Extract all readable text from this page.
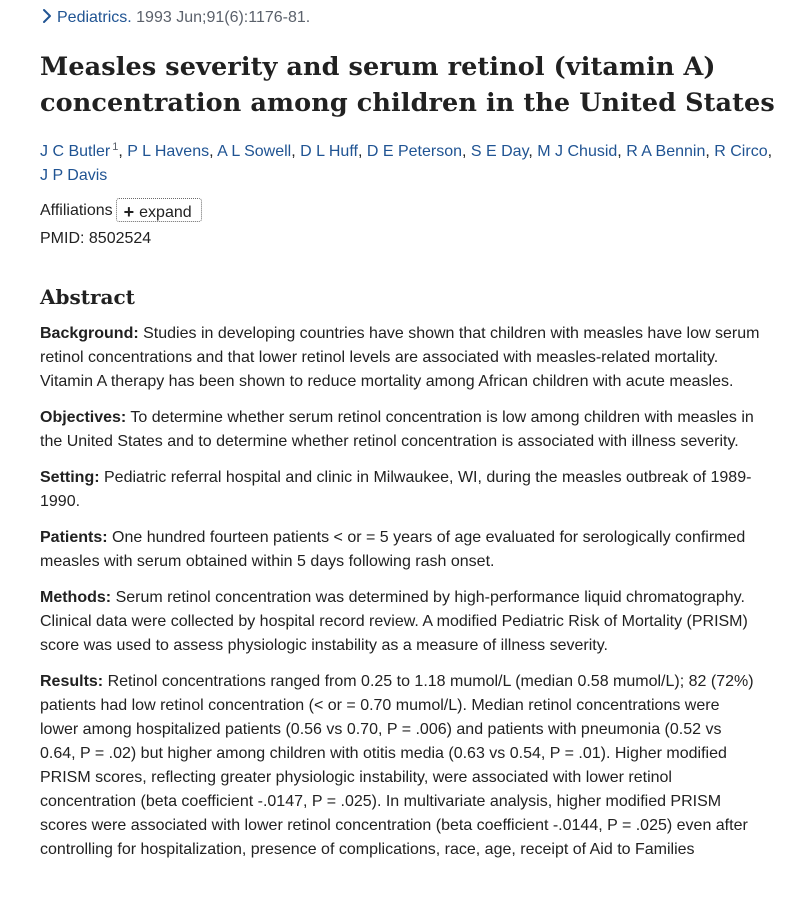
Pediatrics. 1993 Jun;91(6):1176-81.
Measles severity and serum retinol (vitamin A) concentration among children in the United States
J C Butler $^1$, P L Havens, A L Sowell, D L Huff, D E Peterson, S E Day, M J Chusid, R A Bennin, R Circo, J P Davis
Affiliations + expand
PMID: 8502524
Abstract

Background: Studies in developing countries have shown that children with measles have low serum retinol concentrations and that lower retinol levels are associated with measles-related mortality. Vitamin A therapy has been shown to reduce mortality among African children with acute measles.

Objectives: To determine whether serum retinol concentration is low among children with measles in the United States and to determine whether retinol concentration is associated with illness severity.

Setting: Pediatric referral hospital and clinic in Milwaukee, WI, during the measles outbreak of 1989-1990.

Patients: One hundred fourteen patients < or = 5 years of age evaluated for serologically confirmed measles with serum obtained within 5 days following rash onset.

Methods: Serum retinol concentration was determined by high-performance liquid chromatography. Clinical data were collected by hospital record review. A modified Pediatric Risk of Mortality (PRISM) score was used to assess physiologic instability as a measure of illness severity.

Results: Retinol concentrations ranged from 0.25 to 1.18 mumol/L (median 0.58 mumol/L); 82 (72%) patients had low retinol concentration (< or = 0.70 mumol/L). Median retinol concentrations were lower among hospitalized patients (0.56 vs 0.70, P = .006) and patients with pneumonia (0.52 vs 0.64, P = .02) but higher among children with otitis media (0.63 vs 0.54, P = .01). Higher modified PRISM scores, reflecting greater physiologic instability, were associated with lower retinol concentration (beta coefficient -.0147, P = .025). In multivariate analysis, higher modified PRISM scores were associated with lower retinol concentration (beta coefficient -.0144, P = .025) even after controlling for hospitalization, presence of complications, race, age, receipt of Aid to Families
